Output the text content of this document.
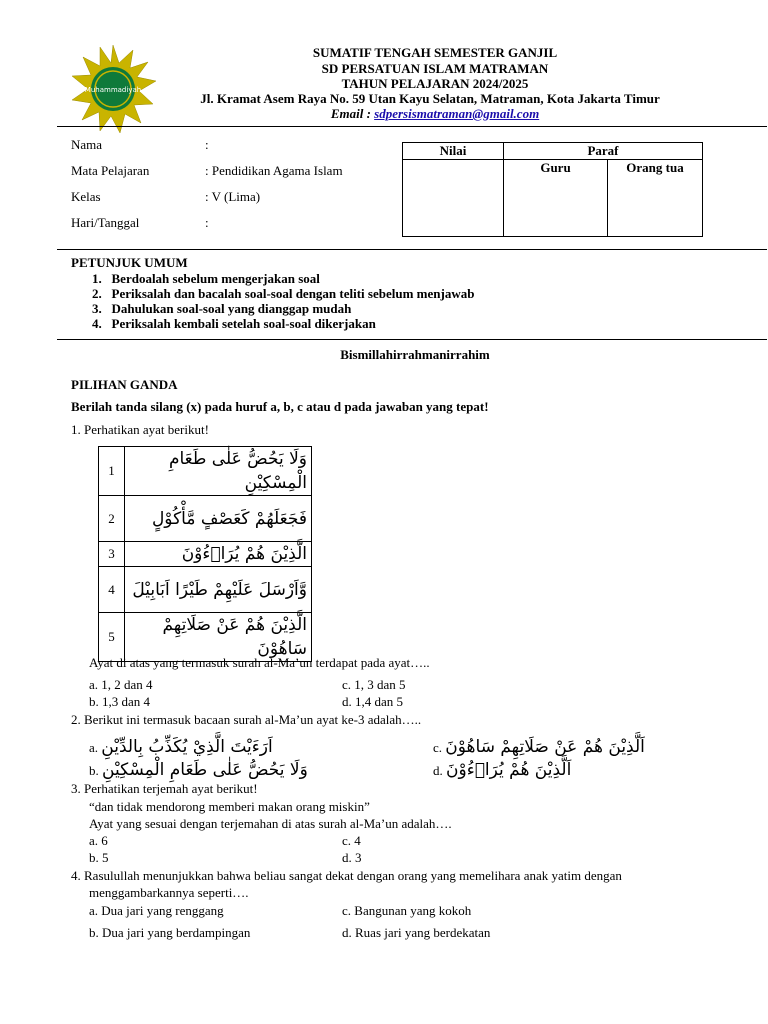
Muhammadiyah
SUMATIF TENGAH SEMESTER GANJIL
SD PERSATUAN ISLAM MATRAMAN
TAHUN PELAJARAN 2024/2025
Jl. Kramat Asem Raya No. 59 Utan Kayu Selatan, Matraman, Kota Jakarta Timur
Email : sdpersismatraman@gmail.com
Nama	:
Mata Pelajaran	: Pendidikan Agama Islam
Kelas	: V (Lima)
Hari/Tanggal	:
Nilai	Paraf	
	Guru	Orang tua
PETUNJUK UMUM
1.   Berdoalah sebelum mengerjakan soal
2.   Periksalah dan bacalah soal-soal dengan teliti sebelum menjawab
3.   Dahulukan soal-soal yang dianggap mudah
4.   Periksalah kembali setelah soal-soal dikerjakan
Bismillahirrahmanirrahim
PILIHAN GANDA
Berilah tanda silang (x) pada huruf a, b, c atau d pada jawaban yang tepat!
1. Perhatikan ayat berikut!
1	وَلَا يَحُضُّ عَلٰى طَعَامِ الْمِسْكِيْنِ
2	فَجَعَلَهُمْ كَعَصْفٍ مَّأْكُوْلٍ
3	الَّذِيْنَ هُمْ يُرَاۤءُوْنَ
4	وَّاَرْسَلَ عَلَيْهِمْ طَيْرًا اَبَابِيْلَ
5	الَّذِيْنَ هُمْ عَنْ صَلَاتِهِمْ سَاهُوْنَ
Ayat di atas yang termasuk surah al-Ma’un terdapat pada ayat…..
a. 1, 2 dan 4
b. 1,3 dan 4
c. 1, 3 dan 5
d. 1,4 dan 5
2. Berikut ini termasuk bacaan surah al-Ma’un ayat ke-3 adalah…..
a. اَرَءَيْتَ الَّذِيْ يُكَذِّبُ بِالدِّيْنِ
b. وَلَا يَحُضُّ عَلٰى طَعَامِ الْمِسْكِيْنِ
c. اَلَّذِيْنَ هُمْ عَنْ صَلَاتِهِمْ سَاهُوْنَ
d. اَلَّذِيْنَ هُمْ يُرَاۤءُوْنَ
3. Perhatikan terjemah ayat berikut!
“dan tidak mendorong memberi makan orang miskin”
Ayat yang sesuai dengan terjemahan di atas surah al-Ma’un adalah….
a. 6
b. 5
c. 4
d. 3
4. Rasulullah menunjukkan bahwa beliau sangat dekat dengan orang yang memelihara anak yatim dengan
menggambarkannya seperti….
a. Dua jari yang renggang
b. Dua jari yang berdampingan
c. Bangunan yang kokoh
d. Ruas jari yang berdekatan
